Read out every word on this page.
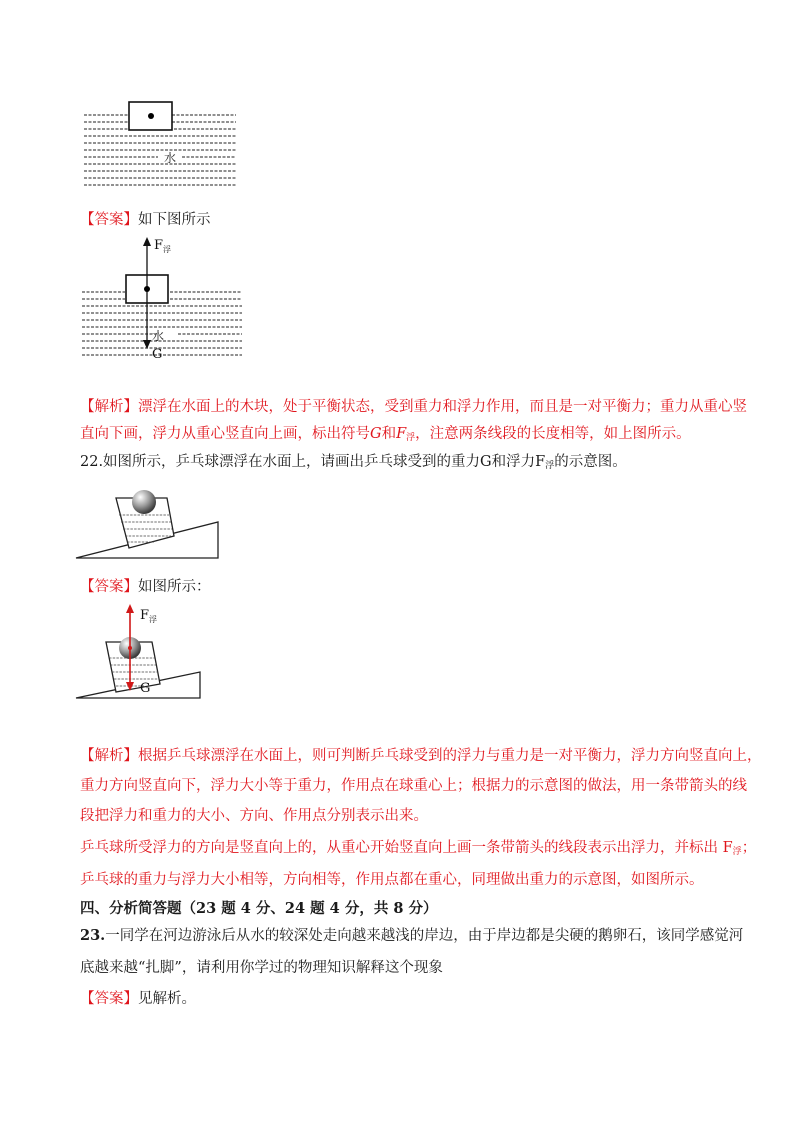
水
【答案】如下图所示
$F_浮$
水
G
【解析】漂浮在水面上的木块，处于平衡状态，受到重力和浮力作用，而且是一对平衡力；重力从重心竖
直向下画，浮力从重心竖直向上画，标出符号G和$F_浮$，注意两条线段的长度相等，如上图所示。
22.如图所示，乒乓球漂浮在水面上，请画出乒乓球受到的重力G和浮力$F_浮$的示意图。
【答案】如图所示：
$F_浮$
G
【解析】根据乒乓球漂浮在水面上，则可判断乒乓球受到的浮力与重力是一对平衡力，浮力方向竖直向上，
重力方向竖直向下，浮力大小等于重力，作用点在球重心上；根据力的示意图的做法，用一条带箭头的线
段把浮力和重力的大小、方向、作用点分别表示出来。
乒乓球所受浮力的方向是竖直向上的，从重心开始竖直向上画一条带箭头的线段表示出浮力，并标出 $F_浮$；
乒乓球的重力与浮力大小相等，方向相等，作用点都在重心，同理做出重力的示意图，如图所示。
四、分析简答题（23 题 4 分、24 题 4 分，共 8 分）
23.一同学在河边游泳后从水的较深处走向越来越浅的岸边，由于岸边都是尖硬的鹅卵石，该同学感觉河
底越来越“扎脚”，请利用你学过的物理知识解释这个现象
【答案】见解析。
